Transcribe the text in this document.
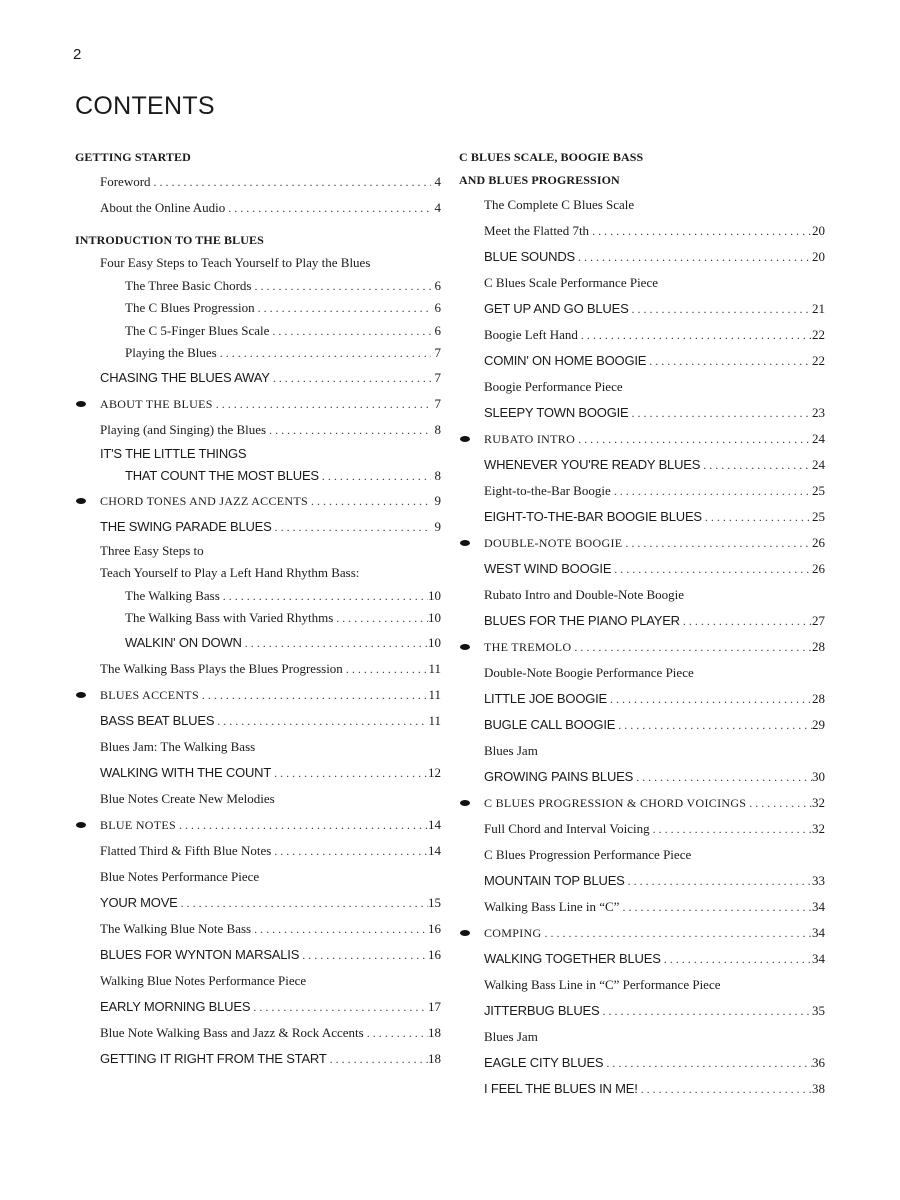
2
CONTENTS
GETTING STARTED
Foreword . . .	4
About the Online Audio . . .	4
INTRODUCTION TO THE BLUES
Four Easy Steps to Teach Yourself to Play the Blues
The Three Basic Chords . . .	6
The C Blues Progression . . .	6
The C 5-Finger Blues Scale . . .	6
Playing the Blues . . .	7
CHASING THE BLUES AWAY . . .	7
ABOUT THE BLUES . . .	7
Playing (and Singing) the Blues . . .	8
IT'S THE LITTLE THINGS
THAT COUNT THE MOST BLUES . . .	8
CHORD TONES AND JAZZ ACCENTS . . .	9
THE SWING PARADE BLUES . . .	9
Three Easy Steps to
Teach Yourself to Play a Left Hand Rhythm Bass:
The Walking Bass . . .	10
The Walking Bass with Varied Rhythms . . .	10
WALKIN' ON DOWN . . .	10
The Walking Bass Plays the Blues Progression . . .	11
BLUES ACCENTS . . .	11
BASS BEAT BLUES . . .	11
Blues Jam: The Walking Bass
WALKING WITH THE COUNT . . .	12
Blue Notes Create New Melodies
BLUE NOTES . . .	14
Flatted Third & Fifth Blue Notes . . .	14
Blue Notes Performance Piece
YOUR MOVE . . .	15
The Walking Blue Note Bass . . .	16
BLUES FOR WYNTON MARSALIS . . .	16
Walking Blue Notes Performance Piece
EARLY MORNING BLUES . . .	17
Blue Note Walking Bass and Jazz & Rock Accents . . .	18
GETTING IT RIGHT FROM THE START . . .	18
C BLUES SCALE, BOOGIE BASS
AND BLUES PROGRESSION
The Complete C Blues Scale
Meet the Flatted 7th . . .	20
BLUE SOUNDS . . .	20
C Blues Scale Performance Piece
GET UP AND GO BLUES . . .	21
Boogie Left Hand . . .	22
COMIN' ON HOME BOOGIE . . .	22
Boogie Performance Piece
SLEEPY TOWN BOOGIE . . .	23
RUBATO INTRO . . .	24
WHENEVER YOU'RE READY BLUES . . .	24
Eight-to-the-Bar Boogie . . .	25
EIGHT-TO-THE-BAR BOOGIE BLUES . . .	25
DOUBLE-NOTE BOOGIE . . .	26
WEST WIND BOOGIE . . .	26
Rubato Intro and Double-Note Boogie
BLUES FOR THE PIANO PLAYER . . .	27
THE TREMOLO . . .	28
Double-Note Boogie Performance Piece
LITTLE JOE BOOGIE . . .	28
BUGLE CALL BOOGIE . . .	29
Blues Jam
GROWING PAINS BLUES . . .	30
C BLUES PROGRESSION & CHORD VOICINGS . . .	32
Full Chord and Interval Voicing . . .	32
C Blues Progression Performance Piece
MOUNTAIN TOP BLUES . . .	33
Walking Bass Line in “C” . . .	34
COMPING . . .	34
WALKING TOGETHER BLUES . . .	34
Walking Bass Line in “C” Performance Piece
JITTERBUG BLUES . . .	35
Blues Jam
EAGLE CITY BLUES . . .	36
I FEEL THE BLUES IN ME! . . .	38
